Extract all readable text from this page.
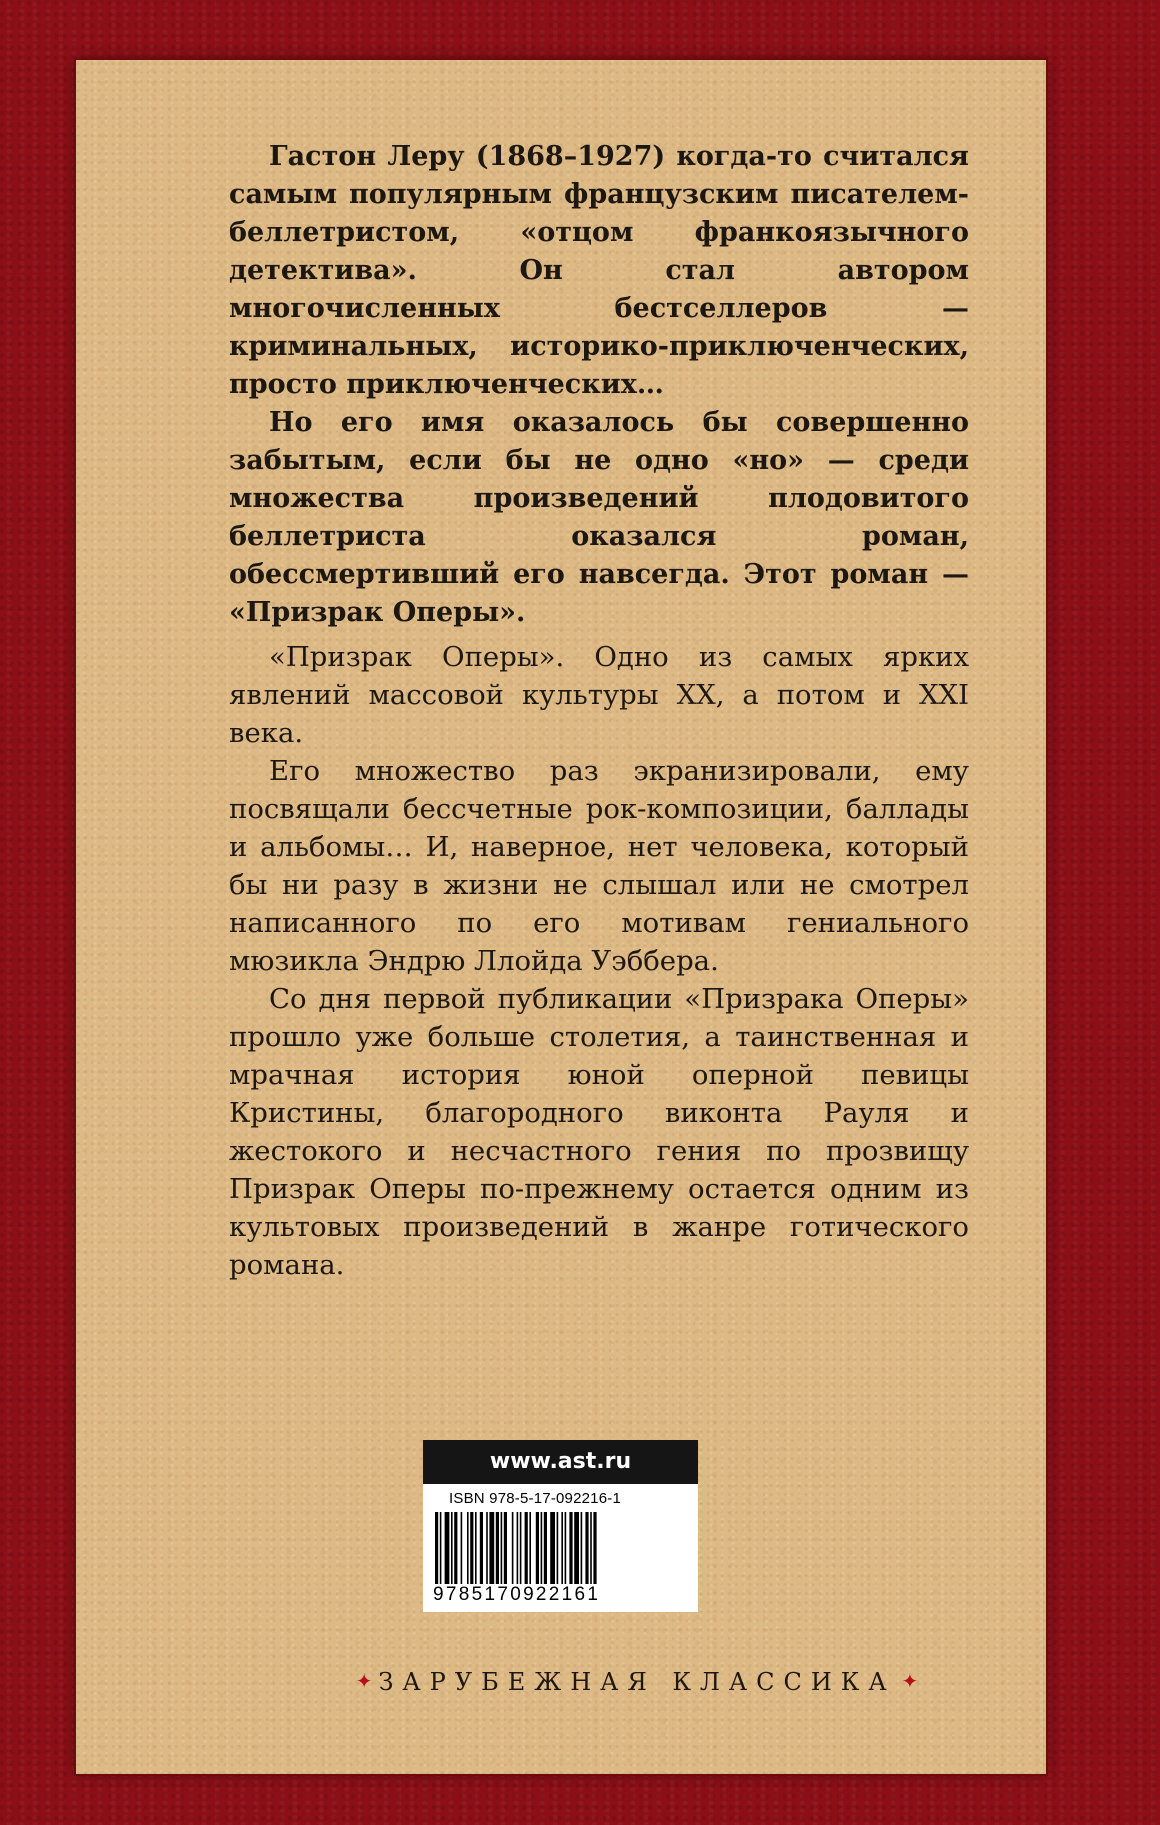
Гастон Леру (1868–1927) когда-то считался самым популярным французским писателем-беллетристом, «отцом франкоязычного детектива». Он стал автором многочисленных бестселлеров — криминальных, историко-приключенческих, просто приключенческих…

Но его имя оказалось бы совершенно забытым, если бы не одно «но» — среди множества произведений плодовитого беллетриста оказался роман, обессмертивший его навсегда. Этот роман — «Призрак Оперы».

«Призрак Оперы». Одно из самых ярких явлений массовой культуры XX, а потом и XXI века.

Его множество раз экранизировали, ему посвящали бессчетные рок-композиции, баллады и альбомы… И, наверное, нет человека, который бы ни разу в жизни не слышал или не смотрел написанного по его мотивам гениального мюзикла Эндрю Ллойда Уэббера.

Со дня первой публикации «Призрака Оперы» прошло уже больше столетия, а таинственная и мрачная история юной оперной певицы Кристины, благородного виконта Рауля и жестокого и несчастного гения по прозвищу Призрак Оперы по-прежнему остается одним из культовых произведений в жанре готического романа.

www.ast.ru
ISBN 978-5-17-092216-1
9785170922161
✦ ЗАРУБЕЖНАЯ КЛАССИКА ✦
